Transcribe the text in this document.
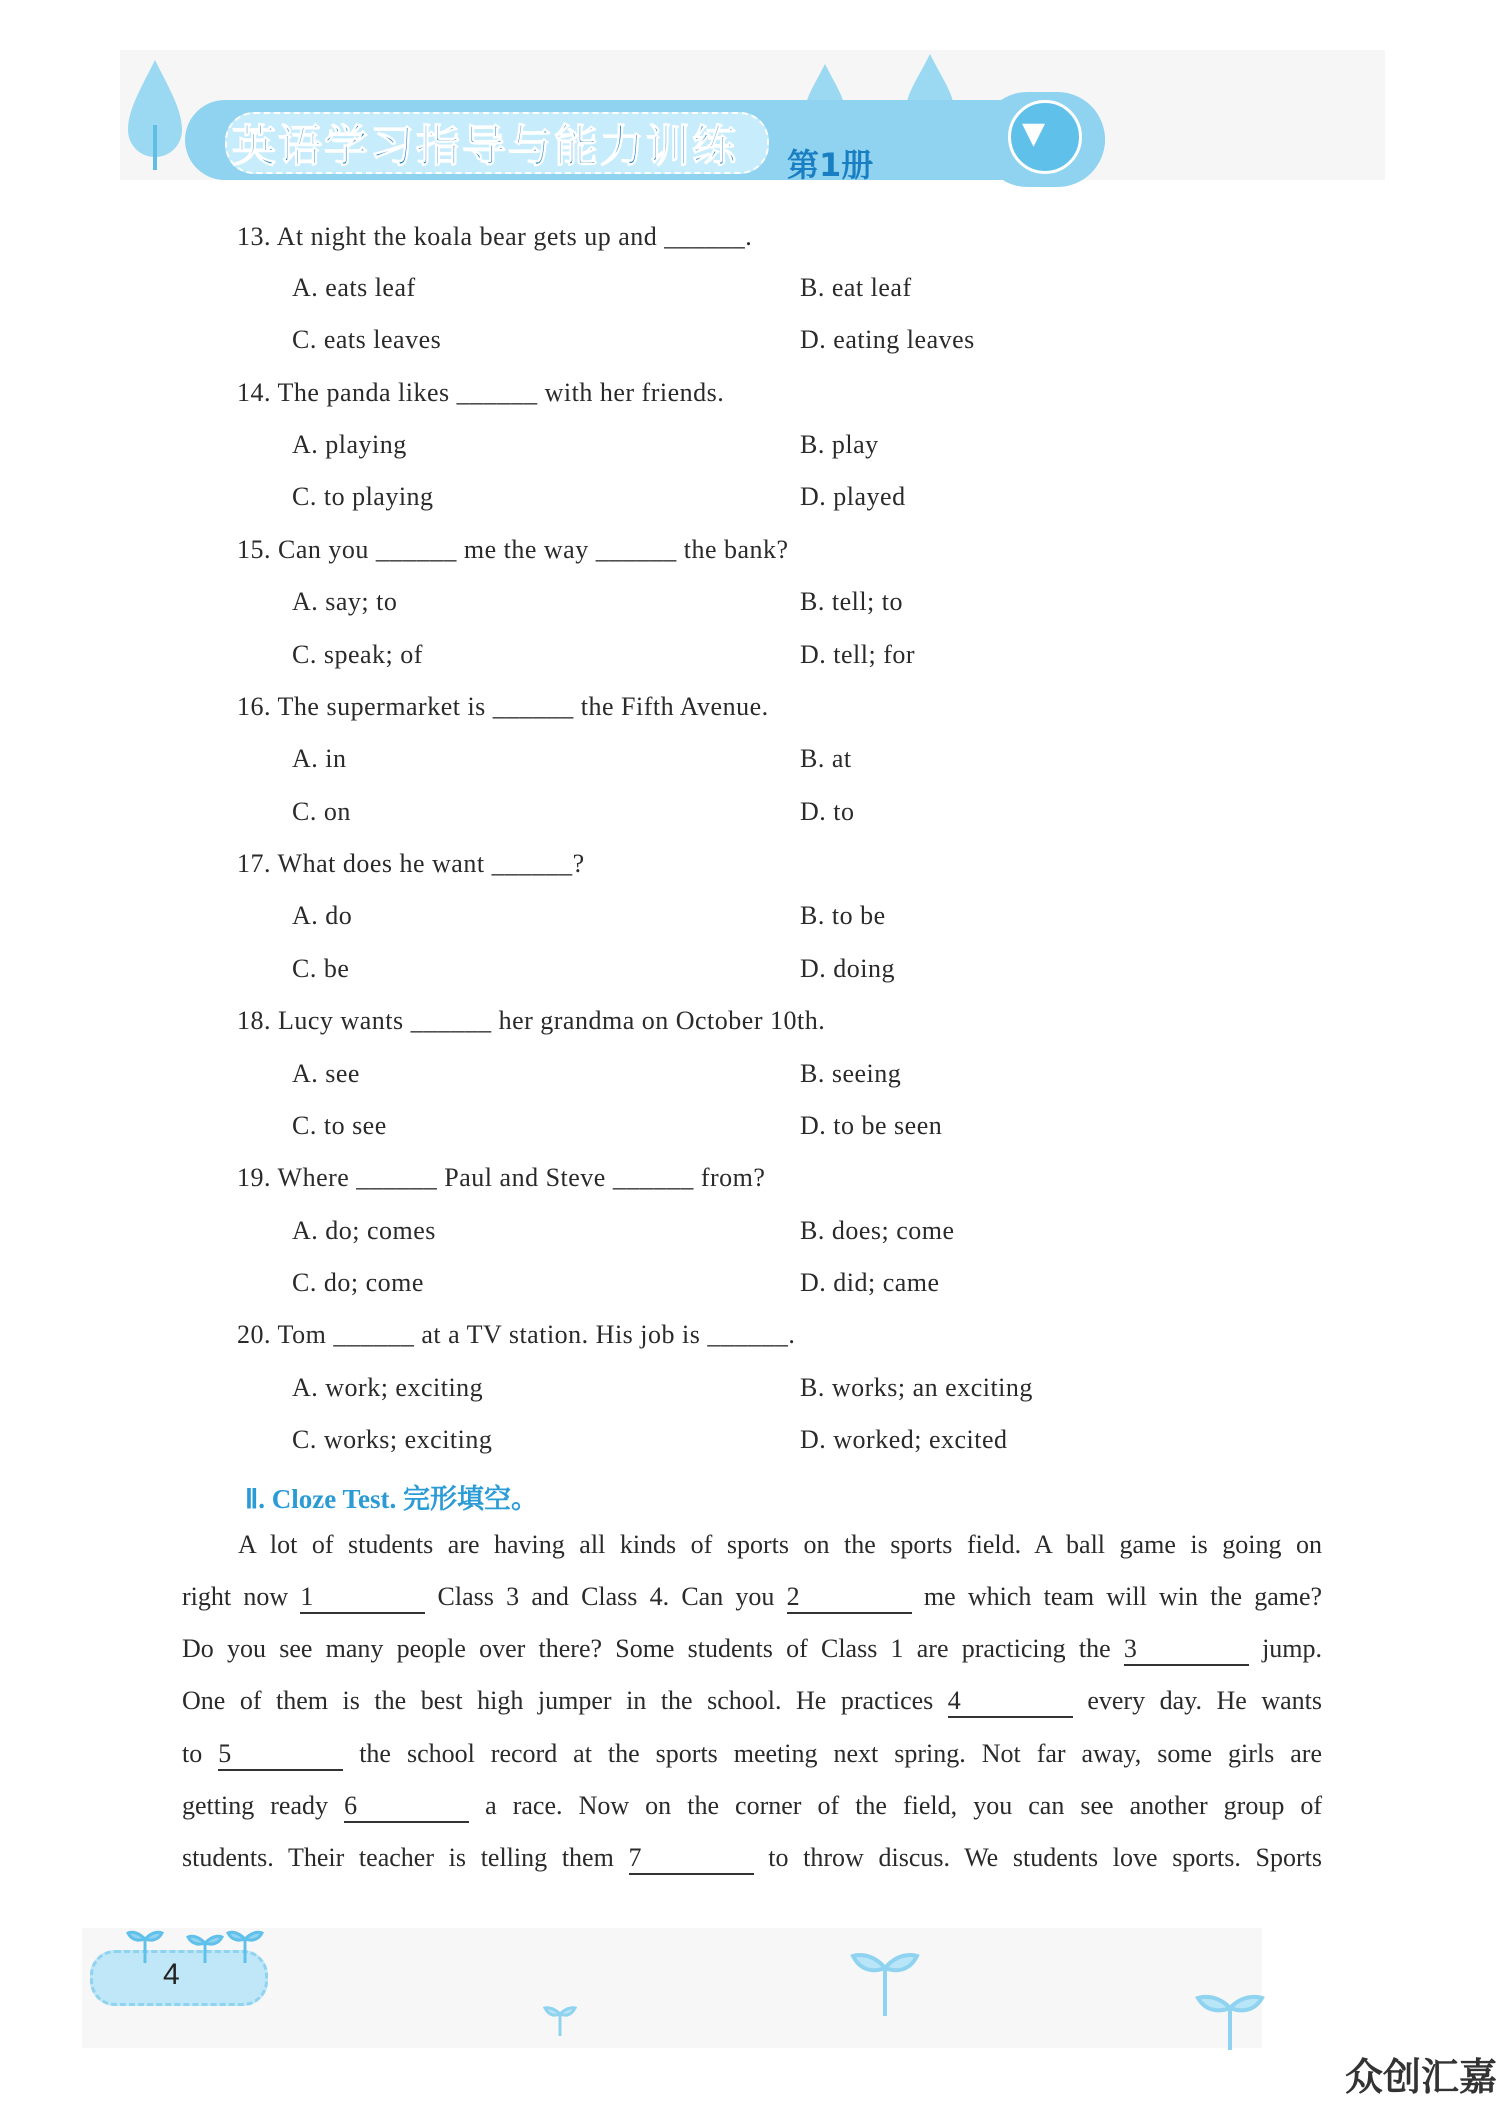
英语学习指导与能力训练 第1册
▼
13. At night the koala bear gets up and ______.
A. eats leaf	B. eat leaf
C. eats leaves	D. eating leaves
14. The panda likes ______ with her friends.
A. playing	B. play
C. to playing	D. played
15. Can you ______ me the way ______ the bank?
A. say; to	B. tell; to
C. speak; of	D. tell; for
16. The supermarket is ______ the Fifth Avenue.
A. in	B. at
C. on	D. to
17. What does he want ______?
A. do	B. to be
C. be	D. doing
18. Lucy wants ______ her grandma on October 10th.
A. see	B. seeing
C. to see	D. to be seen
19. Where ______ Paul and Steve ______ from?
A. do; comes	B. does; come
C. do; come	D. did; came
20. Tom ______ at a TV station. His job is ______.
A. work; exciting	B. works; an exciting
C. works; exciting	D. worked; excited
Ⅱ. Cloze Test. 完形填空。
A lot of students are having all kinds of sports on the sports field. A ball game is going on
right now 1	Class 3 and Class 4. Can you 2	me which team will win the game?
Do you see many people over there? Some students of Class 1 are practicing the 3	jump.
One of them is the best high jumper in the school. He practices 4	every day. He wants
to 5	the school record at the sports meeting next spring. Not far away, some girls are
getting ready 6	a race. Now on the corner of the field, you can see another group of
students. Their teacher is telling them 7	to throw discus. We students love sports. Sports
4
众创汇嘉
